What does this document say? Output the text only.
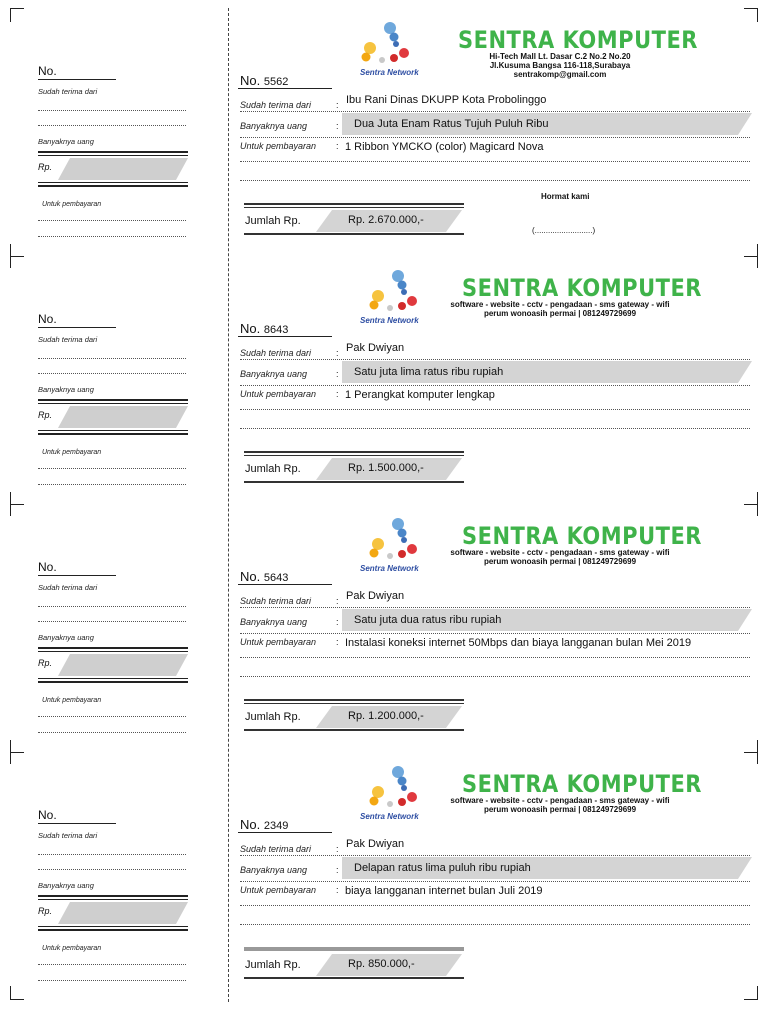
No.
Sudah terima dari
Banyaknya uang
Rp.
Untuk pembayaran
Sentra Network
SENTRA KOMPUTER
Hi-Tech Mall Lt. Dasar C.2 No.2 No.20
Jl.Kusuma Bangsa 116-118,Surabaya
sentrakomp@gmail.com
No. 5562
Sudah terima dari	: Ibu Rani Dinas DKUPP Kota Probolinggo
Banyaknya uang	: Dua Juta Enam Ratus Tujuh Puluh Ribu
Untuk pembayaran : 1 Ribbon YMCKO (color) Magicard Nova
Jumlah Rp.	Rp. 2.670.000,-
Hormat kami
(..........................)
No.
Sudah terima dari
Banyaknya uang
Rp.
Untuk pembayaran
Sentra Network
SENTRA KOMPUTER
software - website - cctv - pengadaan - sms gateway - wifi
perum wonoasih permai | 081249729699
No. 8643
Sudah terima dari	: Pak Dwiyan
Banyaknya uang	: Satu juta lima ratus ribu rupiah
Untuk pembayaran : 1 Perangkat komputer lengkap
Jumlah Rp.	Rp. 1.500.000,-
No.
Sudah terima dari
Banyaknya uang
Rp.
Untuk pembayaran
Sentra Network
SENTRA KOMPUTER
software - website - cctv - pengadaan - sms gateway - wifi
perum wonoasih permai | 081249729699
No. 5643
Sudah terima dari	: Pak Dwiyan
Banyaknya uang	: Satu juta dua ratus ribu rupiah
Untuk pembayaran : Instalasi koneksi internet 50Mbps dan biaya langganan bulan Mei 2019
Jumlah Rp.	Rp. 1.200.000,-
No.
Sudah terima dari
Banyaknya uang
Rp.
Untuk pembayaran
Sentra Network
SENTRA KOMPUTER
software - website - cctv - pengadaan - sms gateway - wifi
perum wonoasih permai | 081249729699
No. 2349
Sudah terima dari	: Pak Dwiyan
Banyaknya uang	: Delapan ratus lima puluh ribu rupiah
Untuk pembayaran : biaya langganan internet bulan Juli 2019
Jumlah Rp.	Rp. 850.000,-
